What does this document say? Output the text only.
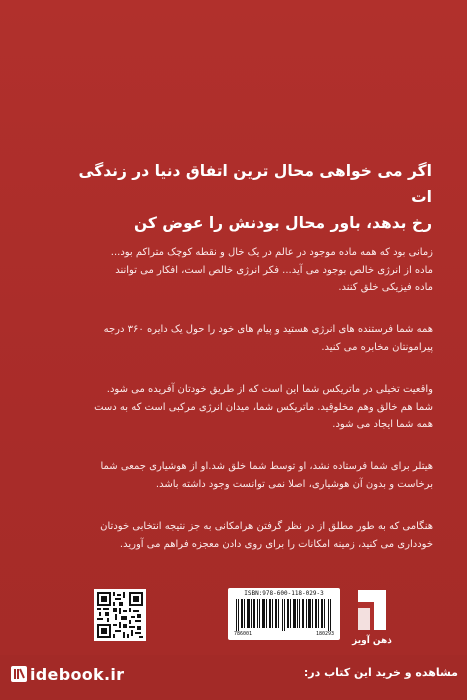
اگر می خواهی محال ترین اتفاق دنیا در زندگی ات
رخ بدهد، باور محال بودنش را عوض کن
زمانی بود که همه ماده موجود در عالم در یک خال و نقطه کوچک متراکم بود...
ماده از انرژی خالص بوجود می آید... فکر انرژی خالص است، افکار می توانند
ماده فیزیکی خلق کنند.
همه شما فرستنده های انرژی هستید و پیام های خود را حول یک دایره ۳۶۰ درجه
پیرامونتان مخابره می کنید.
واقعیت تخیلی در ماتریکس شما این است که از طریق خودتان آفریده می شود.
شما هم خالق وهم مخلوقید. ماتریکس شما، میدان انرژی مرکبی است که به دست
همه شما ایجاد می شود.
هیتلر برای شما فرستاده نشد، او توسط شما خلق شد.او از هوشیاری جمعی شما
برخاست و بدون آن هوشیاری، اصلا نمی توانست وجود داشته باشد.
هنگامی که به طور مطلق از در نظر گرفتن هرامکانی به جز نتیجه انتخابی خودتان
خودداری می کنید، زمینه امکانات را برای روی دادن معجزه فراهم می آورید.
ISBN:978-600-118-029-3
786001	180293
ذهن آویز
idebook.ir	مشاهده و خرید این کتاب در:
